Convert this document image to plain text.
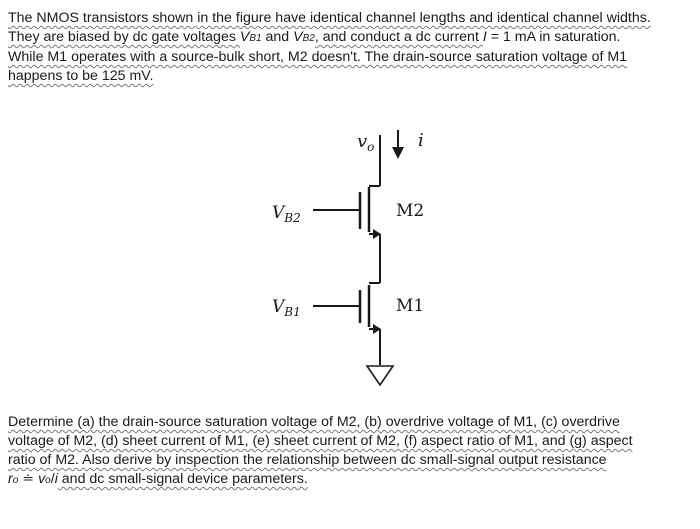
The NMOS transistors shown in the figure have identical channel lengths and identical channel widths.
They are biased by dc gate voltages VB1 and VB2, and conduct a dc current I = 1 mA in saturation.
While M1 operates with a source-bulk short, M2 doesn't. The drain-source saturation voltage of M1
happens to be 125 mV.
$v_o$ i
$V_{B2}$
$V_{B1}$
M2
M1
Determine (a) the drain-source saturation voltage of M2, (b) overdrive voltage of M1, (c) overdrive
voltage of M2, (d) sheet current of M1, (e) sheet current of M2, (f) aspect ratio of M1, and (g) aspect
ratio of M2. Also derive by inspection the relationship between dc small-signal output resistance
ro ≐ vo/i and dc small-signal device parameters.
